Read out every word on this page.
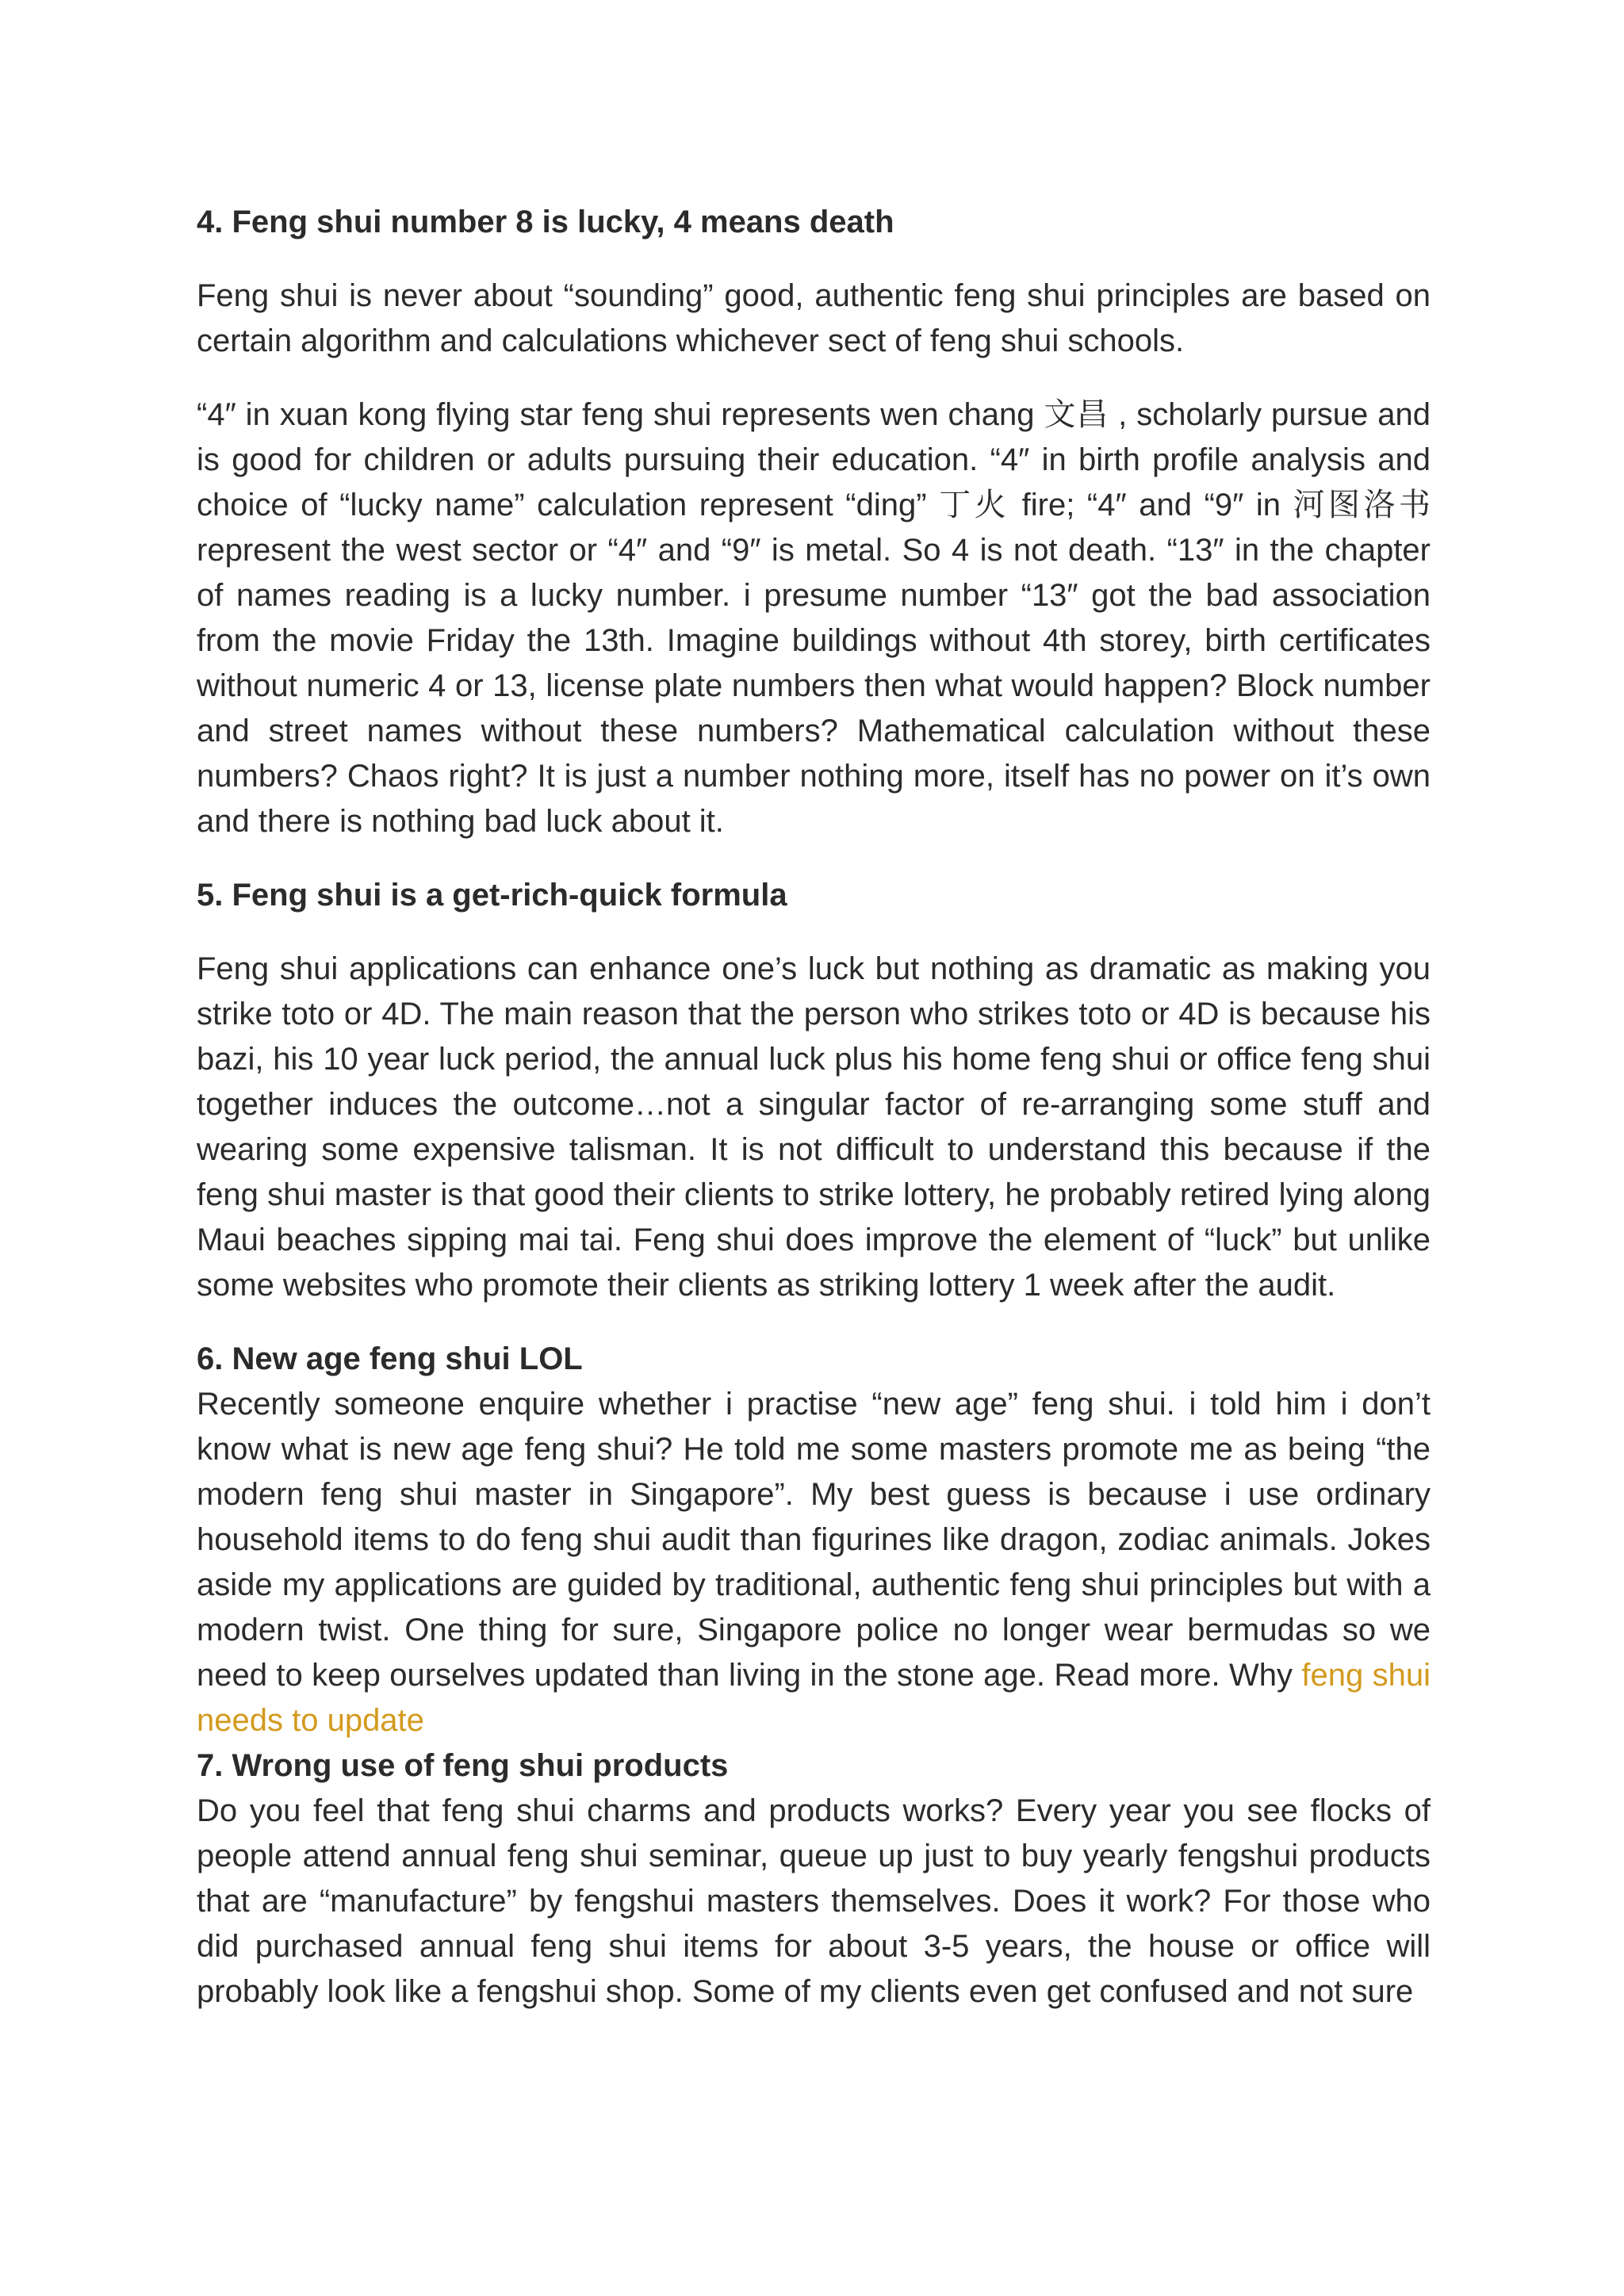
4. Feng shui number 8 is lucky, 4 means death

Feng shui is never about “sounding” good, authentic feng shui principles are based on certain algorithm and calculations whichever sect of feng shui schools.

“4″ in xuan kong flying star feng shui represents wen chang 文昌 , scholarly pursue and is good for children or adults pursuing their education. “4″ in birth profile analysis and choice of “lucky name” calculation represent “ding” 丁火 fire; “4″ and “9″ in 河图洛书 represent the west sector or “4″ and “9″ is metal. So 4 is not death. “13″ in the chapter of names reading is a lucky number. i presume number “13″ got the bad association from the movie Friday the 13th. Imagine buildings without 4th storey, birth certificates without numeric 4 or 13, license plate numbers then what would happen? Block number and street names without these numbers? Mathematical calculation without these numbers? Chaos right? It is just a number nothing more, itself has no power on it’s own and there is nothing bad luck about it.

5. Feng shui is a get-rich-quick formula

Feng shui applications can enhance one’s luck but nothing as dramatic as making you strike toto or 4D. The main reason that the person who strikes toto or 4D is because his bazi, his 10 year luck period, the annual luck plus his home feng shui or office feng shui together induces the outcome…not a singular factor of re-arranging some stuff and wearing some expensive talisman. It is not difficult to understand this because if the feng shui master is that good their clients to strike lottery, he probably retired lying along Maui beaches sipping mai tai. Feng shui does improve the element of “luck” but unlike some websites who promote their clients as striking lottery 1 week after the audit.

6. New age feng shui LOL

Recently someone enquire whether i practise “new age” feng shui. i told him i don’t know what is new age feng shui? He told me some masters promote me as being “the modern feng shui master in Singapore”. My best guess is because i use ordinary household items to do feng shui audit than figurines like dragon, zodiac animals. Jokes aside my applications are guided by traditional, authentic feng shui principles but with a modern twist. One thing for sure, Singapore police no longer wear bermudas so we need to keep ourselves updated than living in the stone age. Read more. Why feng shui needs to update

7. Wrong use of feng shui products

Do you feel that feng shui charms and products works? Every year you see flocks of people attend annual feng shui seminar, queue up just to buy yearly fengshui products that are “manufacture” by fengshui masters themselves. Does it work? For those who did purchased annual feng shui items for about 3-5 years, the house or office will probably look like a fengshui shop. Some of my clients even get confused and not sure
